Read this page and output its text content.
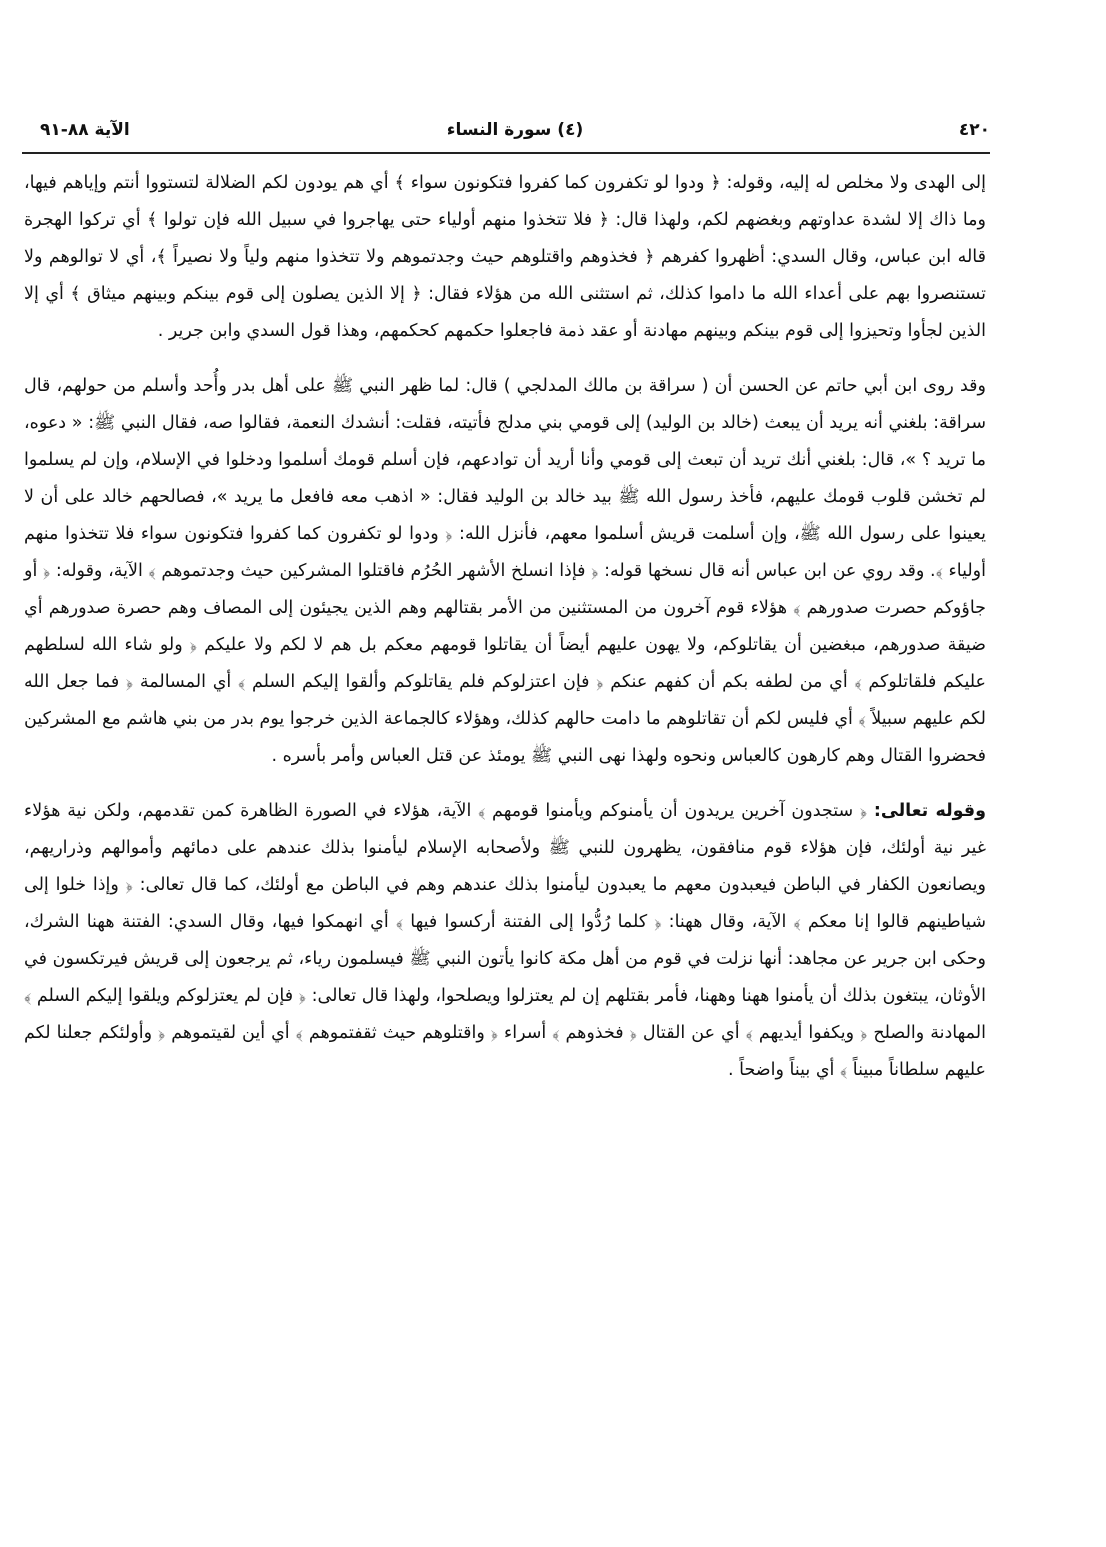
٤٢٠
(٤) سورة النساء
الآية ٨٨-٩١

إلى الهدى ولا مخلص له إليه، وقوله: ﴿ ودوا لو تكفرون كما كفروا فتكونون سواء ﴾ أي هم يودون لكم الضلالة لتستووا أنتم وإياهم فيها، وما ذاك إلا لشدة عداوتهم وبغضهم لكم، ولهذا قال: ﴿ فلا تتخذوا منهم أولياء حتى يهاجروا في سبيل الله فإن تولوا ﴾ أي تركوا الهجرة قاله ابن عباس، وقال السدي: أظهروا كفرهم ﴿ فخذوهم واقتلوهم حيث وجدتموهم ولا تتخذوا منهم ولياً ولا نصيراً ﴾، أي لا توالوهم ولا تستنصروا بهم على أعداء الله ما داموا كذلك، ثم استثنى الله من هؤلاء فقال: ﴿ إلا الذين يصلون إلى قوم بينكم وبينهم ميثاق ﴾ أي إلا الذين لجأوا وتحيزوا إلى قوم بينكم وبينهم مهادنة أو عقد ذمة فاجعلوا حكمهم كحكمهم، وهذا قول السدي وابن جرير .

وقد روى ابن أبي حاتم عن الحسن أن ( سراقة بن مالك المدلجي ) قال: لما ظهر النبي ﷺ على أهل بدر وأُحد وأسلم من حولهم، قال سراقة: بلغني أنه يريد أن يبعث (خالد بن الوليد) إلى قومي بني مدلج فأتيته، فقلت: أنشدك النعمة، فقالوا صه، فقال النبي ﷺ: « دعوه، ما تريد ؟ »، قال: بلغني أنك تريد أن تبعث إلى قومي وأنا أريد أن توادعهم، فإن أسلم قومك أسلموا ودخلوا في الإسلام، وإن لم يسلموا لم تخشن قلوب قومك عليهم، فأخذ رسول الله ﷺ بيد خالد بن الوليد فقال: « اذهب معه فافعل ما يريد »، فصالحهم خالد على أن لا يعينوا على رسول الله ﷺ، وإن أسلمت قريش أسلموا معهم، فأنزل الله: ﴿ ودوا لو تكفرون كما كفروا فتكونون سواء فلا تتخذوا منهم أولياء ﴾. وقد روي عن ابن عباس أنه قال نسخها قوله: ﴿ فإذا انسلخ الأشهر الحُرُم فاقتلوا المشركين حيث وجدتموهم ﴾ الآية، وقوله: ﴿ أو جاؤوكم حصرت صدورهم ﴾ هؤلاء قوم آخرون من المستثنين من الأمر بقتالهم وهم الذين يجيئون إلى المصاف وهم حصرة صدورهم أي ضيقة صدورهم، مبغضين أن يقاتلوكم، ولا يهون عليهم أيضاً أن يقاتلوا قومهم معكم بل هم لا لكم ولا عليكم ﴿ ولو شاء الله لسلطهم عليكم فلقاتلوكم ﴾ أي من لطفه بكم أن كفهم عنكم ﴿ فإن اعتزلوكم فلم يقاتلوكم وألقوا إليكم السلم ﴾ أي المسالمة ﴿ فما جعل الله لكم عليهم سبيلاً ﴾ أي فليس لكم أن تقاتلوهم ما دامت حالهم كذلك، وهؤلاء كالجماعة الذين خرجوا يوم بدر من بني هاشم مع المشركين فحضروا القتال وهم كارهون كالعباس ونحوه ولهذا نهى النبي ﷺ يومئذ عن قتل العباس وأمر بأسره .

وقوله تعالى: ﴿ ستجدون آخرين يريدون أن يأمنوكم ويأمنوا قومهم ﴾ الآية، هؤلاء في الصورة الظاهرة كمن تقدمهم، ولكن نية هؤلاء غير نية أولئك، فإن هؤلاء قوم منافقون، يظهرون للنبي ﷺ ولأصحابه الإسلام ليأمنوا بذلك عندهم على دمائهم وأموالهم وذراريهم، ويصانعون الكفار في الباطن فيعبدون معهم ما يعبدون ليأمنوا بذلك عندهم وهم في الباطن مع أولئك، كما قال تعالى: ﴿ وإذا خلوا إلى شياطينهم قالوا إنا معكم ﴾ الآية، وقال ههنا: ﴿ كلما رُدُّوا إلى الفتنة أركسوا فيها ﴾ أي انهمكوا فيها، وقال السدي: الفتنة ههنا الشرك، وحكى ابن جرير عن مجاهد: أنها نزلت في قوم من أهل مكة كانوا يأتون النبي ﷺ فيسلمون رياء، ثم يرجعون إلى قريش فيرتكسون في الأوثان، يبتغون بذلك أن يأمنوا ههنا وههنا، فأمر بقتلهم إن لم يعتزلوا ويصلحوا، ولهذا قال تعالى: ﴿ فإن لم يعتزلوكم ويلقوا إليكم السلم ﴾ المهادنة والصلح ﴿ ويكفوا أيديهم ﴾ أي عن القتال ﴿ فخذوهم ﴾ أسراء ﴿ واقتلوهم حيث ثقفتموهم ﴾ أي أين لقيتموهم ﴿ وأولئكم جعلنا لكم عليهم سلطاناً مبيناً ﴾ أي بيناً واضحاً .
